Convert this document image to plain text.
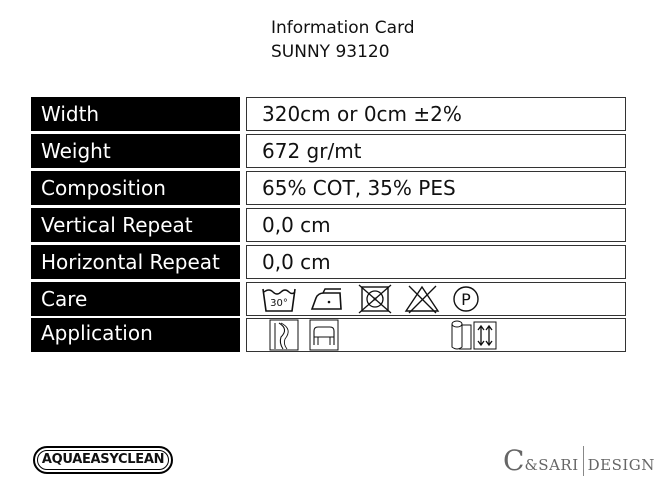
Information Card
SUNNY 93120
Width	320cm or 0cm ±2%
Weight	672 gr/mt
Composition	65% COT, 35% PES
Vertical Repeat	0,0 cm
Horizontal Repeat	0,0 cm
Care	30°	P
Application
AQUAEASYCLEAN	C&SARI DESIGN
